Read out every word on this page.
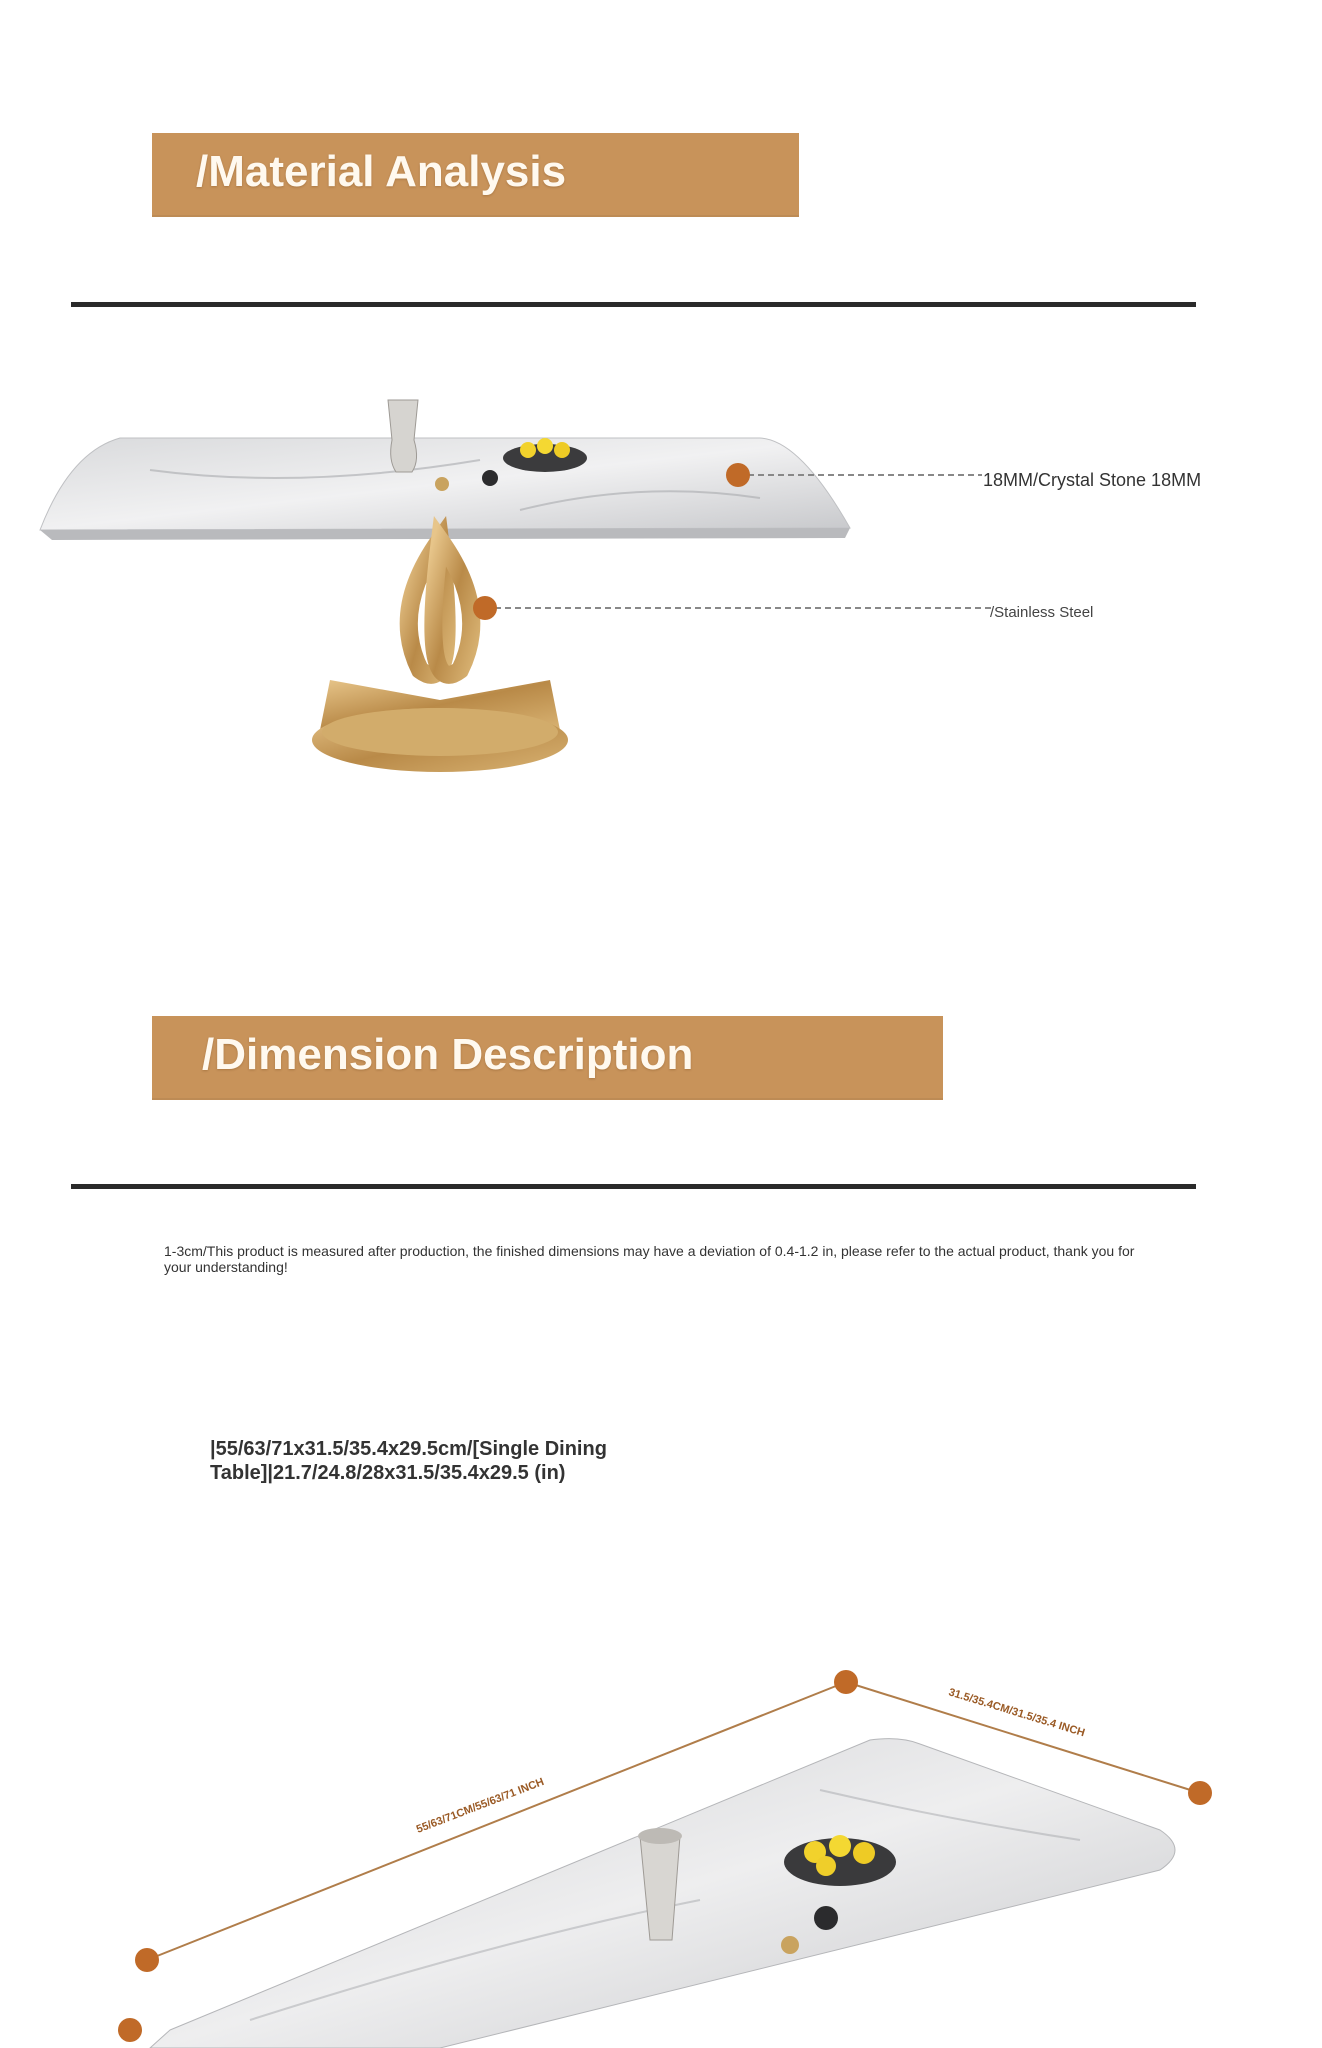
/Material Analysis
18MM/Crystal Stone 18MM
/Stainless Steel
/Dimension Description
1-3cm/This product is measured after production, the finished dimensions may have a deviation of 0.4-1.2 in, please refer to the actual product, thank you for your understanding!
|55/63/71x31.5/35.4x29.5cm/[Single Dining
Table]|21.7/24.8/28x31.5/35.4x29.5 (in)
55/63/71CM/55/63/71 INCH
31.5/35.4CM/31.5/35.4 INCH
